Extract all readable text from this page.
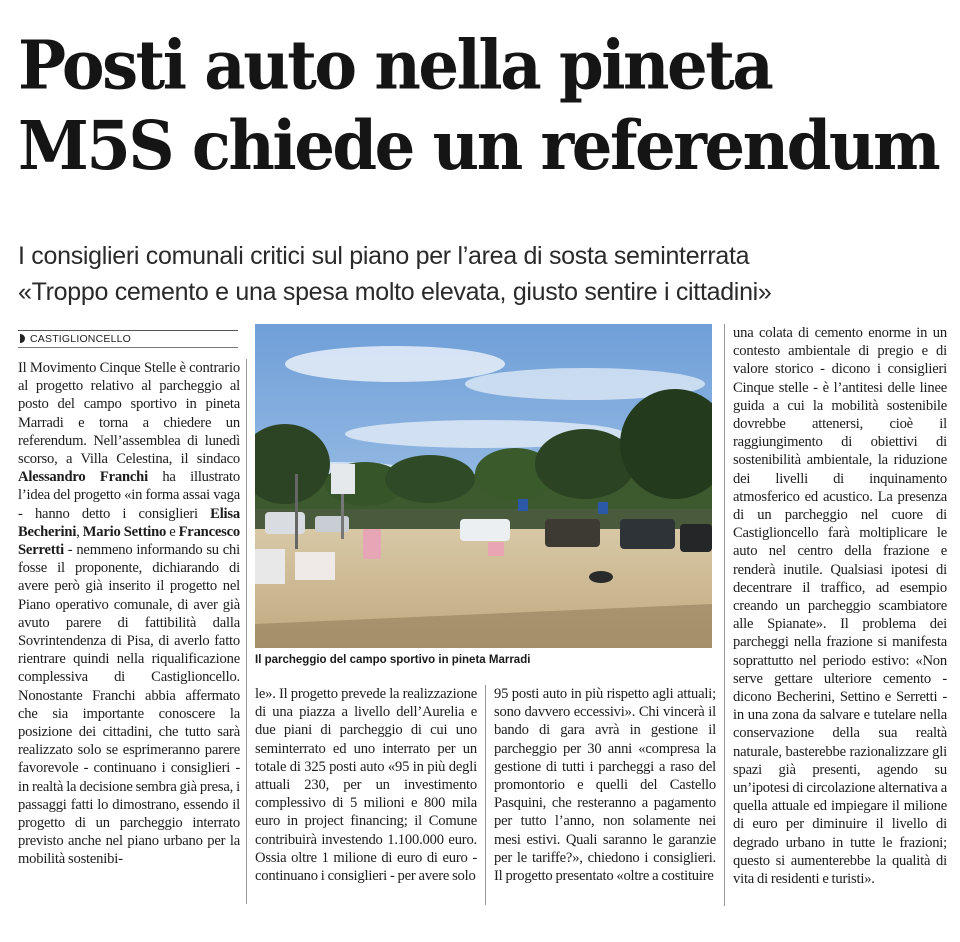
Posti auto nella pineta
M5S chiede un referendum
I consiglieri comunali critici sul piano per l’area di sosta seminterrata
«Troppo cemento e una spesa molto elevata, giusto sentire i cittadini»
CASTIGLIONCELLO

Il Movimento Cinque Stelle è contrario al progetto relativo al parcheggio al posto del campo sportivo in pineta Marradi e torna a chiedere un referendum. Nell’assemblea di lunedì scorso, a Villa Celestina, il sindaco Alessandro Franchi ha illustrato l’idea del progetto «in forma assai vaga - hanno detto i consiglieri Elisa Becherini, Mario Settino e Francesco Serretti - nemmeno informando su chi fosse il proponente, dichiarando di avere però già inserito il progetto nel Piano operativo comunale, di aver già avuto parere di fattibilità dalla Sovrintendenza di Pisa, di averlo fatto rientrare quindi nella riqualificazione complessiva di Castiglioncello. Nonostante Franchi abbia affermato che sia importante conoscere la posizione dei cittadini, che tutto sarà realizzato solo se esprimeranno parere favorevole - continuano i consiglieri - in realtà la decisione sembra già presa, i passaggi fatti lo dimostrano, essendo il progetto di un parcheggio interrato previsto anche nel piano urbano per la mobilità sostenibi-

Il parcheggio del campo sportivo in pineta Marradi

le». Il progetto prevede la realizzazione di una piazza a livello dell’Aurelia e due piani di parcheggio di cui uno seminterrato ed uno interrato per un totale di 325 posti auto «95 in più degli attuali 230, per un investimento complessivo di 5 milioni e 800 mila euro in project financing; il Comune contribuirà investendo 1.100.000 euro. Ossia oltre 1 milione di euro di euro - continuano i consiglieri - per avere solo

95 posti auto in più rispetto agli attuali; sono davvero eccessivi». Chi vincerà il bando di gara avrà in gestione il parcheggio per 30 anni «compresa la gestione di tutti i parcheggi a raso del promontorio e quelli del Castello Pasquini, che resteranno a pagamento per tutto l’anno, non solamente nei mesi estivi. Quali saranno le garanzie per le tariffe?», chiedono i consiglieri. Il progetto presentato «oltre a costituire

una colata di cemento enorme in un contesto ambientale di pregio e di valore storico - dicono i consiglieri Cinque stelle - è l’antitesi delle linee guida a cui la mobilità sostenibile dovrebbe attenersi, cioè il raggiungimento di obiettivi di sostenibilità ambientale, la riduzione dei livelli di inquinamento atmosferico ed acustico. La presenza di un parcheggio nel cuore di Castiglioncello farà moltiplicare le auto nel centro della frazione e renderà inutile. Qualsiasi ipotesi di decentrare il traffico, ad esempio creando un parcheggio scambiatore alle Spianate». Il problema dei parcheggi nella frazione si manifesta soprattutto nel periodo estivo: «Non serve gettare ulteriore cemento - dicono Becherini, Settino e Serretti - in una zona da salvare e tutelare nella conservazione della sua realtà naturale, basterebbe razionalizzare gli spazi già presenti, agendo su un’ipotesi di circolazione alternativa a quella attuale ed impiegare il milione di euro per diminuire il livello di degrado urbano in tutte le frazioni; questo si aumenterebbe la qualità di vita di residenti e turisti».
